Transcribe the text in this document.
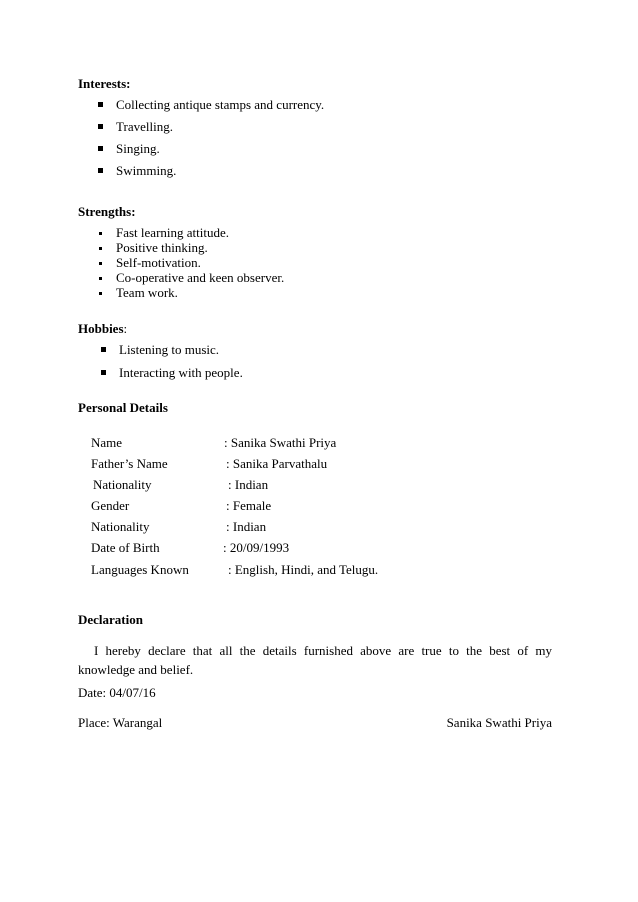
Interests:
Collecting antique stamps and currency.
Travelling.
Singing.
Swimming.
Strengths:
Fast learning attitude.
Positive thinking.
Self-motivation.
Co-operative and keen observer.
Team work.
Hobbies:
Listening to music.
Interacting with people.
Personal Details
Name	: Sanika Swathi Priya
Father’s Name	: Sanika Parvathalu
Nationality	: Indian
Gender	: Female
Nationality	: Indian
Date of Birth	: 20/09/1993
Languages Known	: English, Hindi, and Telugu.
Declaration
I hereby declare that all the details furnished above are true to the best of my knowledge and belief.
Date: 04/07/16
Place: Warangal	Sanika Swathi Priya
